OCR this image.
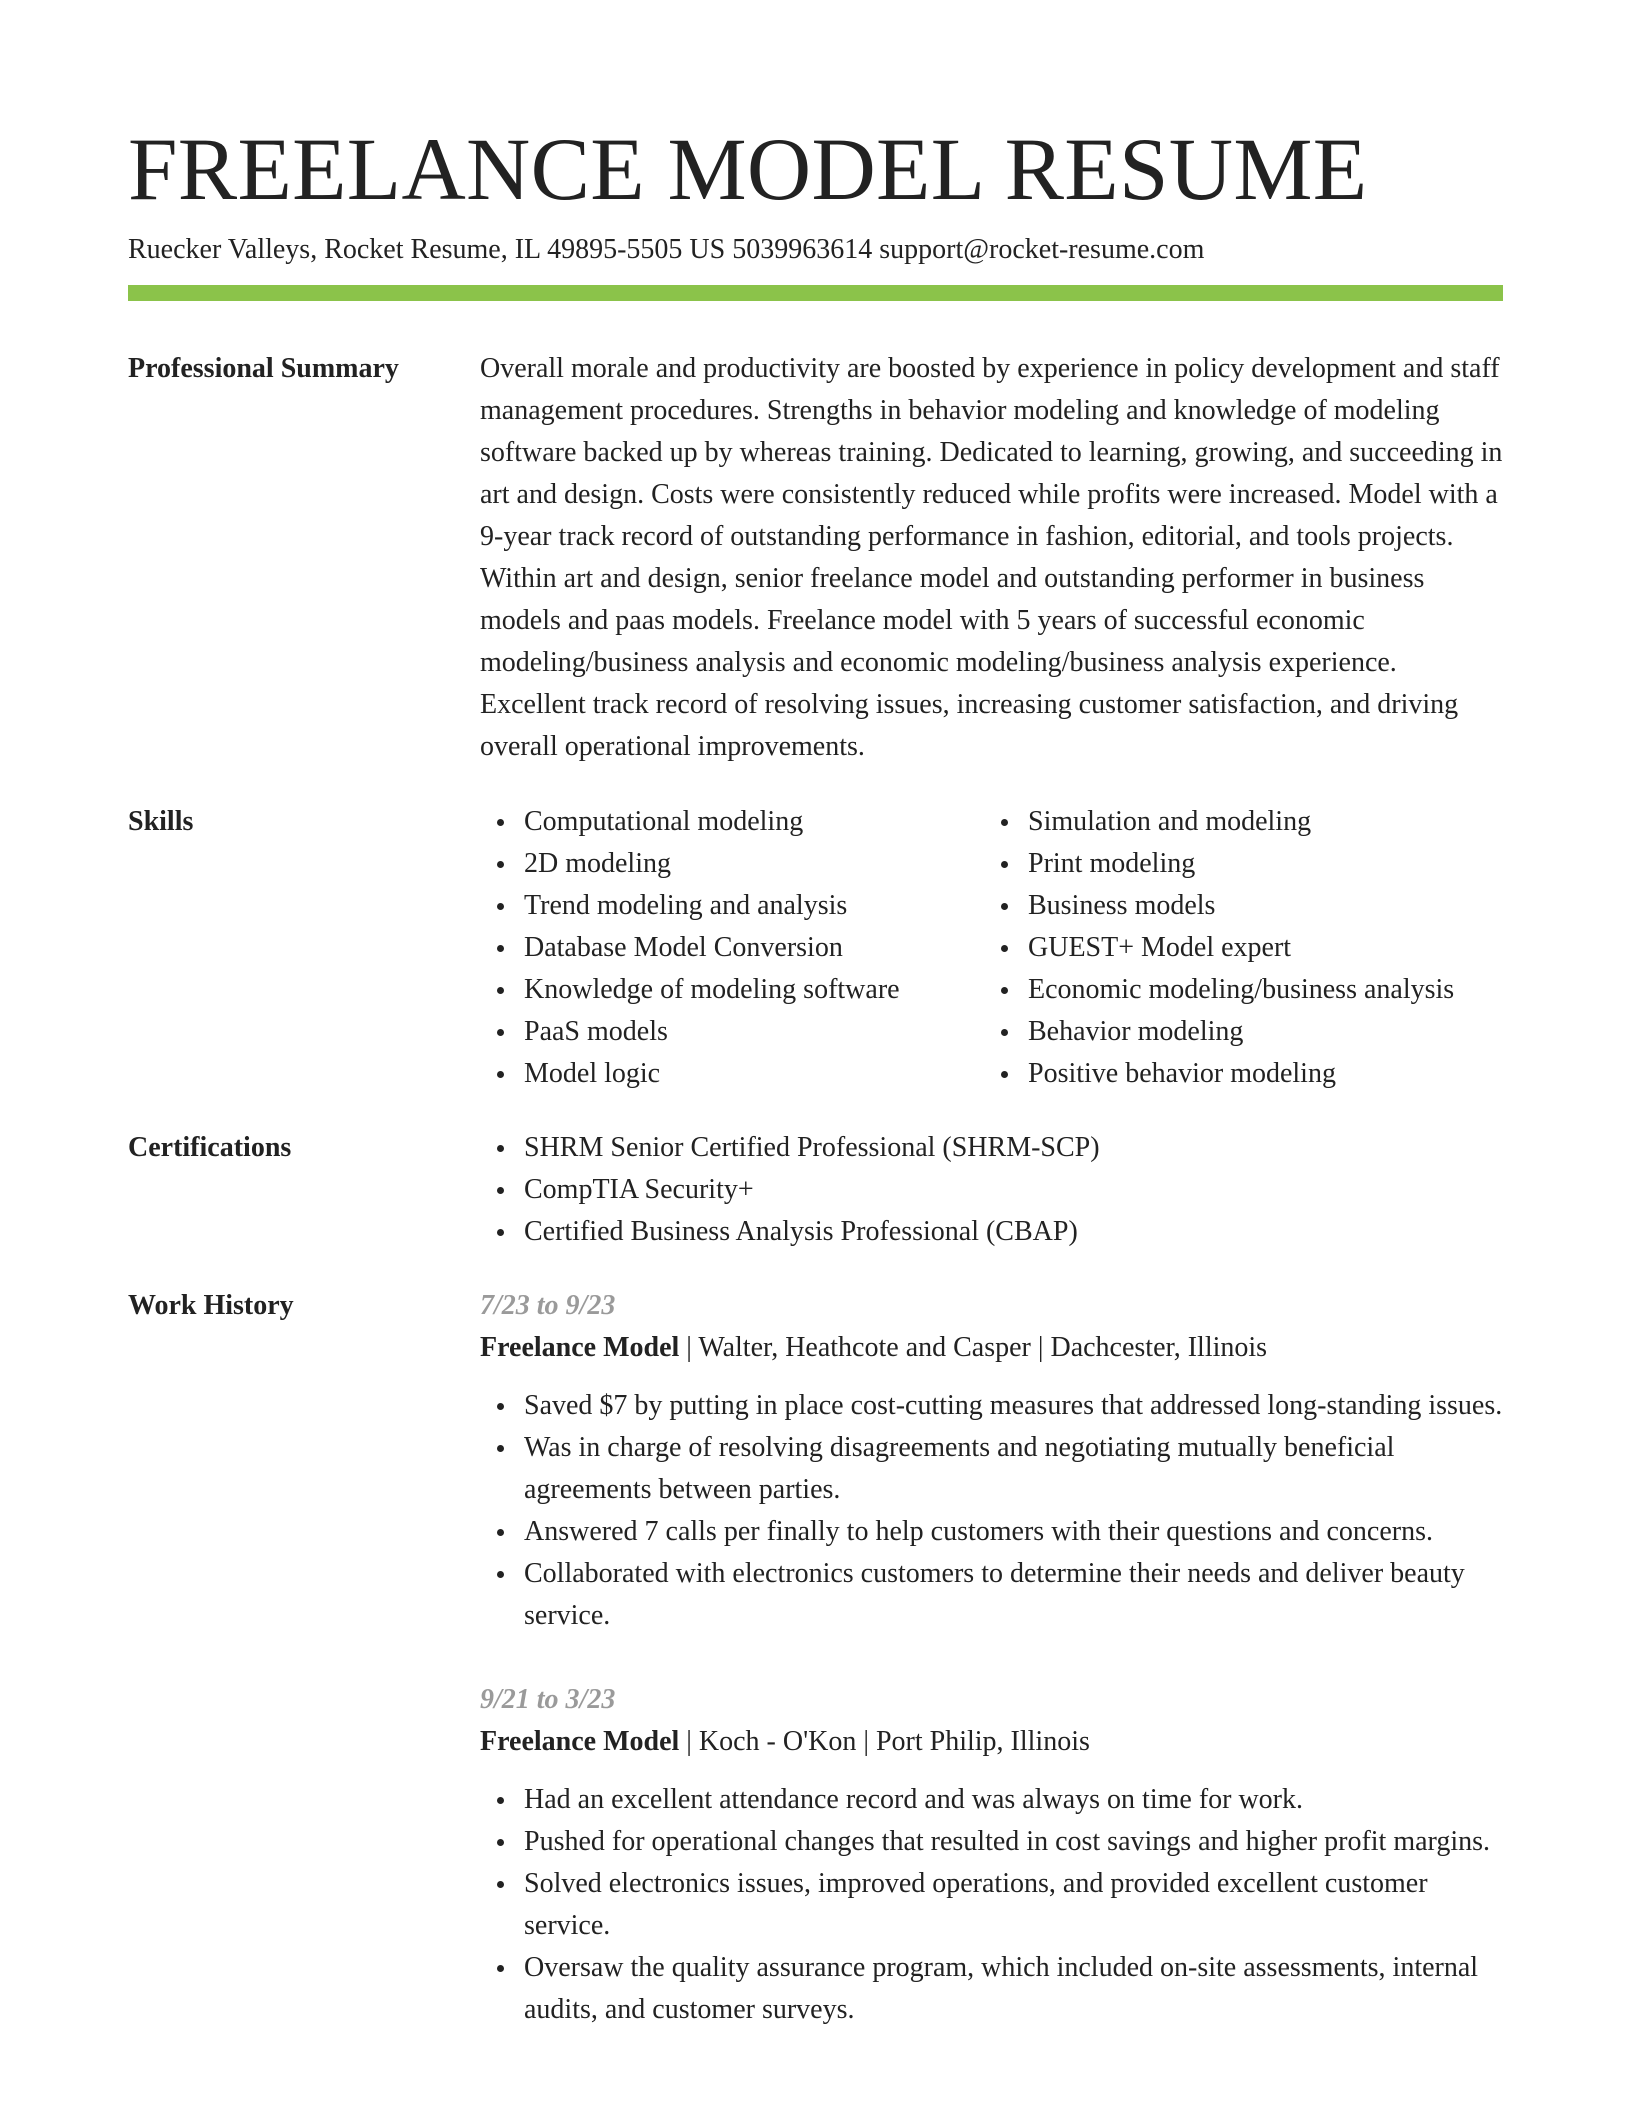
FREELANCE MODEL RESUME
Ruecker Valleys, Rocket Resume, IL 49895-5505 US 5039963614 support@rocket-resume.com
Professional Summary	Overall morale and productivity are boosted by experience in policy development and staff management procedures. Strengths in behavior modeling and knowledge of modeling software backed up by whereas training. Dedicated to learning, growing, and succeeding in art and design. Costs were consistently reduced while profits were increased. Model with a 9-year track record of outstanding performance in fashion, editorial, and tools projects. Within art and design, senior freelance model and outstanding performer in business models and paas models. Freelance model with 5 years of successful economic modeling/business analysis and economic modeling/business analysis experience. Excellent track record of resolving issues, increasing customer satisfaction, and driving overall operational improvements.

Skills	Computational modeling
2D modeling
Trend modeling and analysis
Database Model Conversion
Knowledge of modeling software
PaaS models
Model logic
Simulation and modeling
Print modeling
Business models
GUEST+ Model expert
Economic modeling/business analysis
Behavior modeling
Positive behavior modeling
Certifications	SHRM Senior Certified Professional (SHRM-SCP)
CompTIA Security+
Certified Business Analysis Professional (CBAP)
Work History	7/23 to 9/23
Freelance Model | Walter, Heathcote and Casper | Dachcester, Illinois
Saved $7 by putting in place cost-cutting measures that addressed long-standing issues.
Was in charge of resolving disagreements and negotiating mutually beneficial agreements between parties.
Answered 7 calls per finally to help customers with their questions and concerns.
Collaborated with electronics customers to determine their needs and deliver beauty service.
9/21 to 3/23
Freelance Model | Koch - O'Kon | Port Philip, Illinois
Had an excellent attendance record and was always on time for work.
Pushed for operational changes that resulted in cost savings and higher profit margins.
Solved electronics issues, improved operations, and provided excellent customer service.
Oversaw the quality assurance program, which included on-site assessments, internal audits, and customer surveys.
